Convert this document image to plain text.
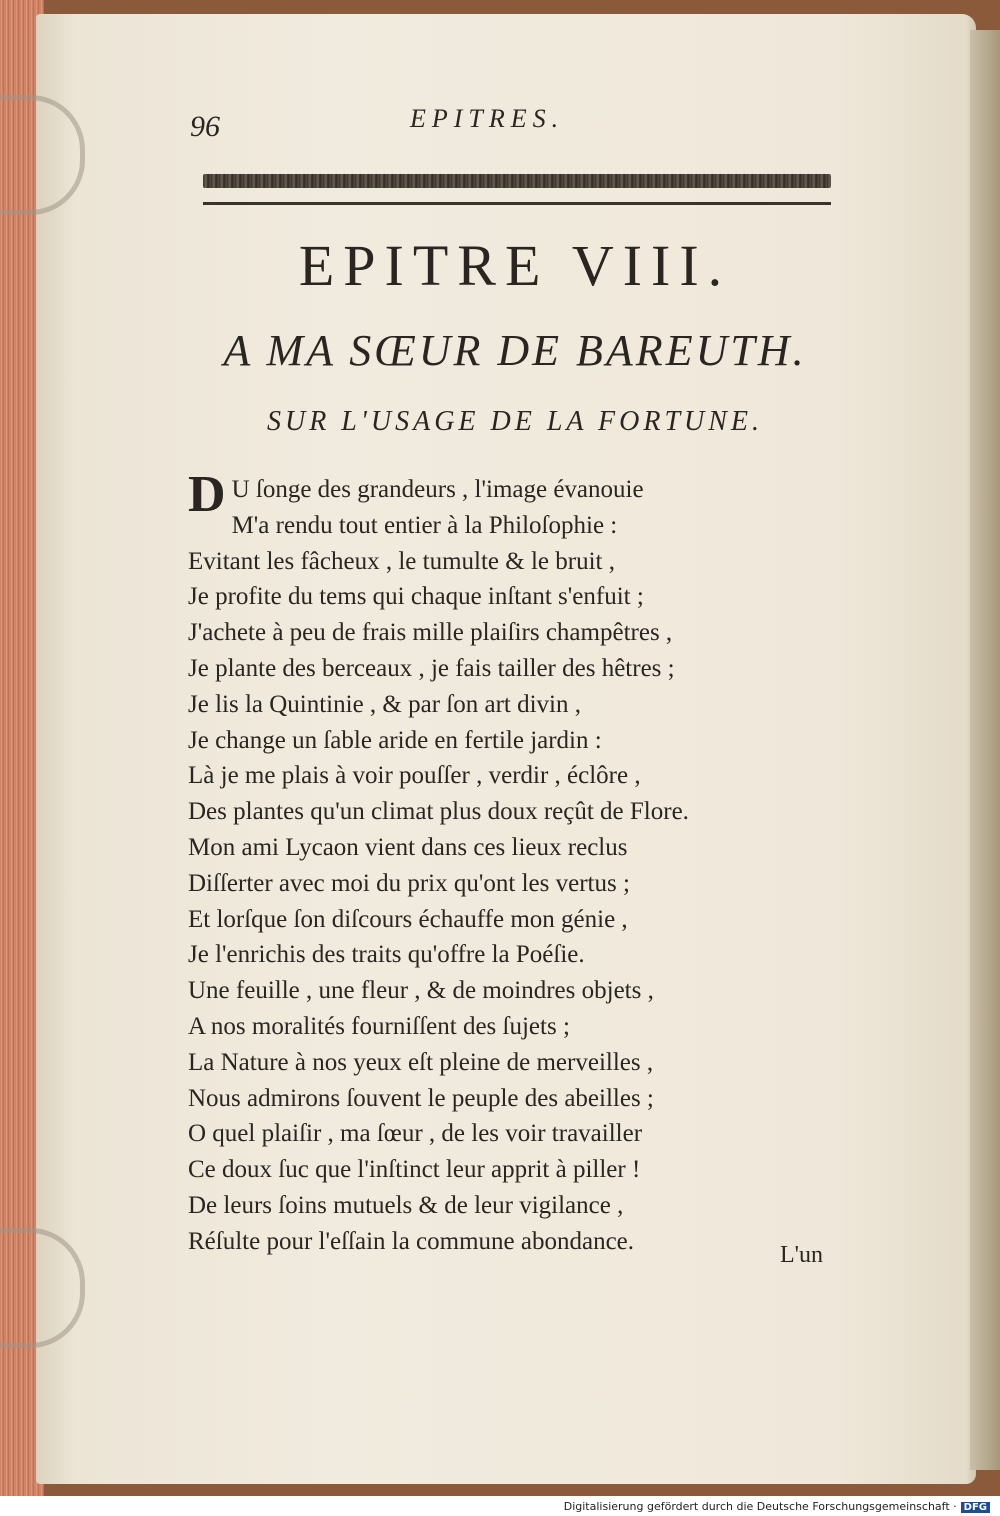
96	EPITRES.
EPITRE VIII.
A MA SŒUR DE BAREUTH.
SUR L'USAGE DE LA FORTUNE.
D U ſonge des grandeurs , l'image évanouie
M'a rendu tout entier à la Philoſophie :
Evitant les fâcheux , le tumulte & le bruit ,
Je profite du tems qui chaque inſtant s'enfuit ;
J'achete à peu de frais mille plaiſirs champêtres ,
Je plante des berceaux , je fais tailler des hêtres ;
Je lis la Quintinie , & par ſon art divin ,
Je change un ſable aride en fertile jardin :
Là je me plais à voir pouſſer , verdir , éclôre ,
Des plantes qu'un climat plus doux reçût de Flore.
Mon ami Lycaon vient dans ces lieux reclus
Diſſerter avec moi du prix qu'ont les vertus ;
Et lorſque ſon diſcours échauffe mon génie ,
Je l'enrichis des traits qu'offre la Poéſie.
Une feuille , une fleur , & de moindres objets ,
A nos moralités fourniſſent des ſujets ;
La Nature à nos yeux eſt pleine de merveilles ,
Nous admirons ſouvent le peuple des abeilles ;
O quel plaiſir , ma ſœur , de les voir travailler
Ce doux ſuc que l'inſtinct leur apprit à piller !
De leurs ſoins mutuels & de leur vigilance ,
Réſulte pour l'eſſain la commune abondance.
L'un
Digitalisierung gefördert durch die Deutsche Forschungsgemeinschaft · DFG
